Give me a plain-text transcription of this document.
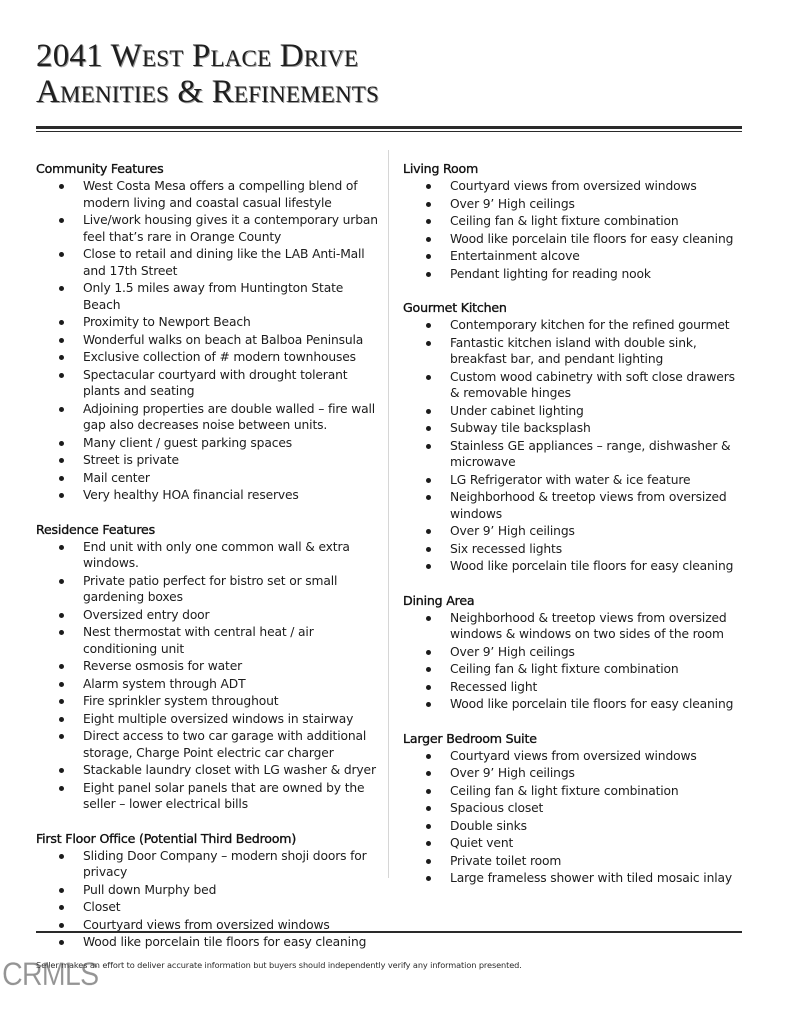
2041 West Place Drive
Amenities & Refinements
Community Features
West Costa Mesa offers a compelling blend of modern living and coastal casual lifestyle
Live/work housing gives it a contemporary urban feel that’s rare in Orange County
Close to retail and dining like the LAB Anti-Mall and 17th Street
Only 1.5 miles away from Huntington State Beach
Proximity to Newport Beach
Wonderful walks on beach at Balboa Peninsula
Exclusive collection of # modern townhouses
Spectacular courtyard with drought tolerant plants and seating
Adjoining properties are double walled – fire wall gap also decreases noise between units.
Many client / guest parking spaces
Street is private
Mail center
Very healthy HOA financial reserves
Residence Features
End unit with only one common wall & extra windows.
Private patio perfect for bistro set or small gardening boxes
Oversized entry door
Nest thermostat with central heat / air conditioning unit
Reverse osmosis for water
Alarm system through ADT
Fire sprinkler system throughout
Eight multiple oversized windows in stairway
Direct access to two car garage with additional storage, Charge Point electric car charger
Stackable laundry closet with LG washer & dryer
Eight panel solar panels that are owned by the seller – lower electrical bills
First Floor Office (Potential Third Bedroom)
Sliding Door Company – modern shoji doors for privacy
Pull down Murphy bed
Closet
Courtyard views from oversized windows
Wood like porcelain tile floors for easy cleaning
Living Room
Courtyard views from oversized windows
Over 9’ High ceilings
Ceiling fan & light fixture combination
Wood like porcelain tile floors for easy cleaning
Entertainment alcove
Pendant lighting for reading nook
Gourmet Kitchen
Contemporary kitchen for the refined gourmet
Fantastic kitchen island with double sink, breakfast bar, and pendant lighting
Custom wood cabinetry with soft close drawers & removable hinges
Under cabinet lighting
Subway tile backsplash
Stainless GE appliances – range, dishwasher & microwave
LG Refrigerator with water & ice feature
Neighborhood & treetop views from oversized windows
Over 9’ High ceilings
Six recessed lights
Wood like porcelain tile floors for easy cleaning
Dining Area
Neighborhood & treetop views from oversized windows & windows on two sides of the room
Over 9’ High ceilings
Ceiling fan & light fixture combination
Recessed light
Wood like porcelain tile floors for easy cleaning
Larger Bedroom Suite
Courtyard views from oversized windows
Over 9’ High ceilings
Ceiling fan & light fixture combination
Spacious closet
Double sinks
Quiet vent
Private toilet room
Large frameless shower with tiled mosaic inlay
Seller makes an effort to deliver accurate information but buyers should independently verify any information presented.
CRMLS
